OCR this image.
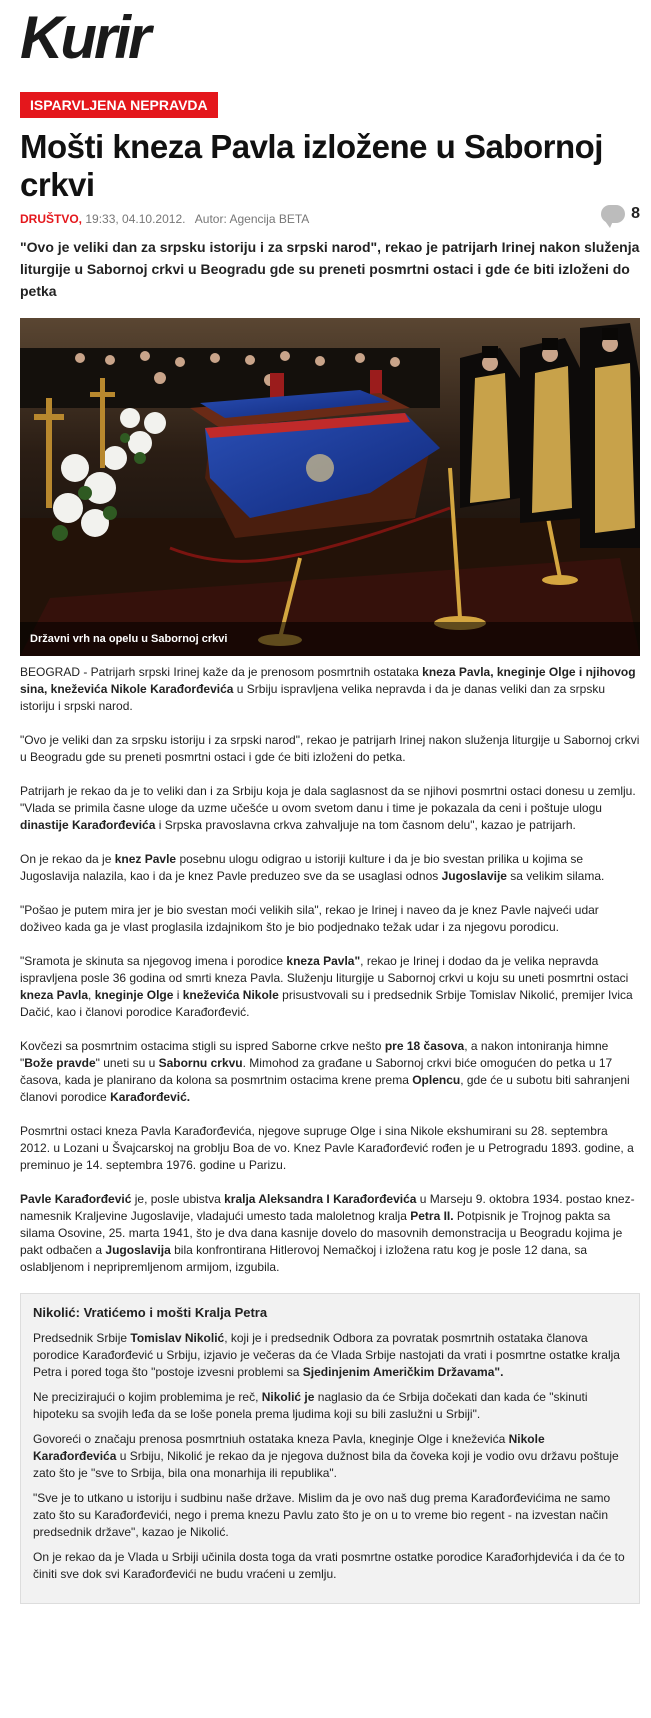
Kurir
ISPARVLJENA NEPRAVDA
Mošti kneza Pavla izložene u Sabornoj crkvi
DRUŠTVO, 19:33, 04.10.2012. Autor: Agencija BETA	8

"Ovo je veliki dan za srpsku istoriju i za srpski narod", rekao je patrijarh Irinej nakon služenja liturgije u Sabornoj crkvi u Beogradu gde su preneti posmrtni ostaci i gde će biti izloženi do petka

Državni vrh na opelu u Sabornoj crkvi

BEOGRAD - Patrijarh srpski Irinej kaže da je prenosom posmrtnih ostataka kneza Pavla, kneginje Olge i njihovog sina, kneževića Nikole Karađorđevića u Srbiju ispravljena velika nepravda i da je danas veliki dan za srpsku istoriju i srpski narod.

"Ovo je veliki dan za srpsku istoriju i za srpski narod", rekao je patrijarh Irinej nakon služenja liturgije u Sabornoj crkvi u Beogradu gde su preneti posmrtni ostaci i gde će biti izloženi do petka.

Patrijarh je rekao da je to veliki dan i za Srbiju koja je dala saglasnost da se njihovi posmrtni ostaci donesu u zemlju. "Vlada se primila časne uloge da uzme učešće u ovom svetom danu i time je pokazala da ceni i poštuje ulogu dinastije Karađorđevića i Srpska pravoslavna crkva zahvaljuje na tom časnom delu", kazao je patrijarh.

On je rekao da je knez Pavle posebnu ulogu odigrao u istoriji kulture i da je bio svestan prilika u kojima se Jugoslavija nalazila, kao i da je knez Pavle preduzeo sve da se usaglasi odnos Jugoslavije sa velikim silama.

"Pošao je putem mira jer je bio svestan moći velikih sila", rekao je Irinej i naveo da je knez Pavle najveći udar doživeo kada ga je vlast proglasila izdajnikom što je bio podjednako težak udar i za njegovu porodicu.

"Sramota je skinuta sa njegovog imena i porodice kneza Pavla", rekao je Irinej i dodao da je velika nepravda ispravljena posle 36 godina od smrti kneza Pavla. Služenju liturgije u Sabornoj crkvi u koju su uneti posmrtni ostaci kneza Pavla, kneginje Olge i kneževića Nikole prisustvovali su i predsednik Srbije Tomislav Nikolić, premijer Ivica Dačić, kao i članovi porodice Karađorđević.

Kovčezi sa posmrtnim ostacima stigli su ispred Saborne crkve nešto pre 18 časova, a nakon intoniranja himne "Bože pravde" uneti su u Sabornu crkvu. Mimohod za građane u Sabornoj crkvi biće omogućen do petka u 17 časova, kada je planirano da kolona sa posmrtnim ostacima krene prema Oplencu, gde će u subotu biti sahranjeni članovi porodice Karađorđević.

Posmrtni ostaci kneza Pavla Karađorđevića, njegove supruge Olge i sina Nikole ekshumirani su 28. septembra 2012. u Lozani u Švajcarskoj na groblju Boa de vo. Knez Pavle Karađorđević rođen je u Petrogradu 1893. godine, a preminuo je 14. septembra 1976. godine u Parizu.

Pavle Karađorđević je, posle ubistva kralja Aleksandra I Karađorđevića u Marseju 9. oktobra 1934. postao knez-namesnik Kraljevine Jugoslavije, vladajući umesto tada maloletnog kralja Petra II. Potpisnik je Trojnog pakta sa silama Osovine, 25. marta 1941, što je dva dana kasnije dovelo do masovnih demonstracija u Beogradu kojima je pakt odbačen a Jugoslavija bila konfrontirana Hitlerovoj Nemačkoj i izložena ratu kog je posle 12 dana, sa oslabljenom i nepripremljenom armijom, izgubila.

Nikolić: Vratićemo i mošti Kralja Petra

Predsednik Srbije Tomislav Nikolić, koji je i predsednik Odbora za povratak posmrtnih ostataka članova porodice Karađorđević u Srbiju, izjavio je večeras da će Vlada Srbije nastojati da vrati i posmrtne ostatke kralja Petra i pored toga što "postoje izvesni problemi sa Sjedinjenim Američkim Državama".

Ne precizirajući o kojim problemima je reč, Nikolić je naglasio da će Srbija dočekati dan kada će "skinuti hipoteku sa svojih leđa da se loše ponela prema ljudima koji su bili zaslužni u Srbiji".

Govoreći o značaju prenosa posmrtniuh ostataka kneza Pavla, kneginje Olge i kneževića Nikole Karađorđevića u Srbiju, Nikolić je rekao da je njegova dužnost bila da čoveka koji je vodio ovu državu poštuje zato što je "sve to Srbija, bila ona monarhija ili republika".

"Sve je to utkano u istoriju i sudbinu naše države. Mislim da je ovo naš dug prema Karađorđevićima ne samo zato što su Karađorđevići, nego i prema knezu Pavlu zato što je on u to vreme bio regent - na izvestan način predsednik države", kazao je Nikolić.

On je rekao da je Vlada u Srbiji učinila dosta toga da vrati posmrtne ostatke porodice Karađorhjdevića i da će to činiti sve dok svi Karađorđevići ne budu vraćeni u zemlju.
